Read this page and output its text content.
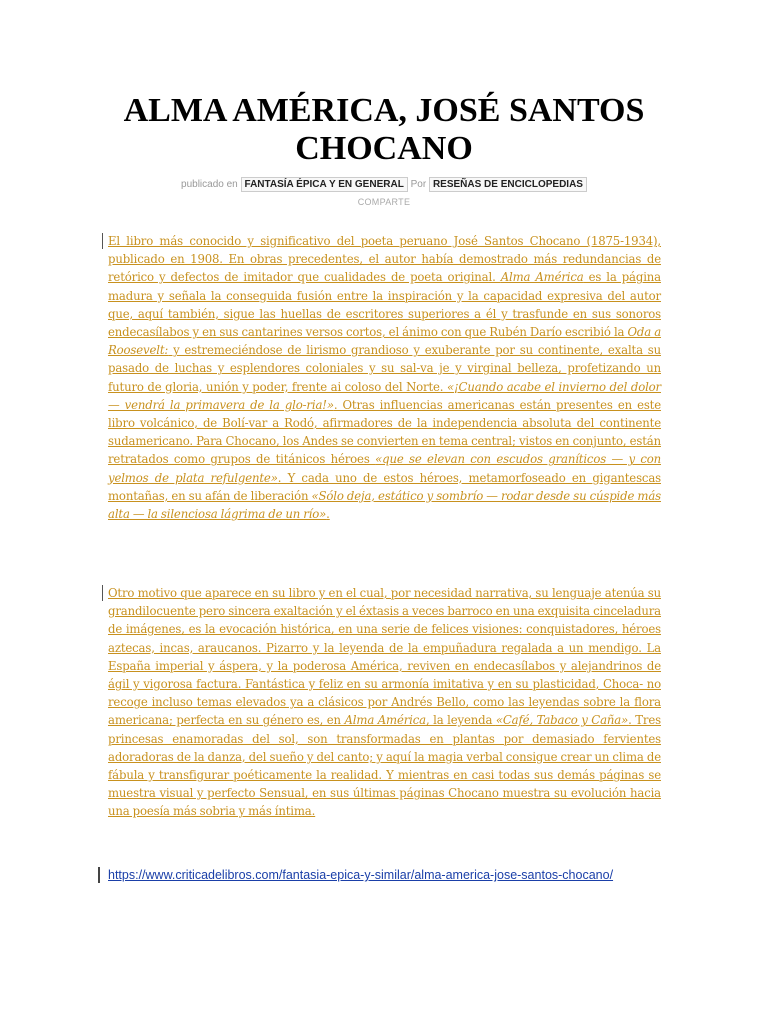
ALMA AMÉRICA, JOSÉ SANTOS CHOCANO
publicado en FANTASÍA ÉPICA Y EN GENERAL Por RESEÑAS DE ENCICLOPEDIAS
COMPARTE

El libro más conocido y significativo del poeta peruano José Santos Chocano (1875-1934), publicado en 1908. En obras precedentes, el autor había demostrado más redundancias de retórico y defectos de imitador que cualidades de poeta original. Alma América es la página madura y señala la conseguida fusión entre la inspiración y la capacidad expresiva del autor que, aquí también, sigue las huellas de escritores superiores a él y trasfunde en sus sonoros endecasílabos y en sus cantarines versos cortos, el ánimo con que Rubén Darío escribió la Oda a Roosevelt: y estremeciéndose de lirismo grandioso y exuberante por su continente, exalta su pasado de luchas y esplendores coloniales y su sal-va je y virginal belleza, profetizando un futuro de gloria, unión y poder, frente ai coloso del Norte. «¡Cuando acabe el invierno del dolor — vendrá la primavera de la glo-ria!». Otras influencias americanas están presentes en este libro volcánico, de Bolí-var a Rodó, afirmadores de la independencia absoluta del continente sudamericano. Para Chocano, los Andes se convierten en tema central; vistos en conjunto, están retratados como grupos de titánicos héroes «que se elevan con escudos graníticos — y con yelmos de plata refulgente». Y cada uno de estos héroes, metamorfoseado en gigantescas montañas, en su afán de liberación «Sólo deja, estático y sombrío — rodar desde su cúspide más alta — la silenciosa lágrima de un río».

Otro motivo que aparece en su libro y en el cual, por necesidad narrativa, su lenguaje atenúa su grandilocuente pero sincera exaltación y el éxtasis a veces barroco en una exquisita cinceladura de imágenes, es la evocación histórica, en una serie de felices visiones: conquistadores, héroes aztecas, incas, araucanos. Pizarro y la leyenda de la empuñadura regalada a un mendigo. La España imperial y áspera, y la poderosa América, reviven en endecasílabos y alejandrinos de ágil y vigorosa factura. Fantástica y feliz en su armonía imitativa y en su plasticidad, Choca- no recoge incluso temas elevados ya a clásicos por Andrés Bello, como las leyendas sobre la flora americana; perfecta en su género es, en Alma América, la leyenda «Café, Tabaco y Caña». Tres princesas enamoradas del sol, son transformadas en plantas por demasiado fervientes adoradoras de la danza, del sueño y del canto; y aquí la magia verbal consigue crear un clima de fábula y transfigurar poéticamente la realidad. Y mientras en casi todas sus demás páginas se muestra visual y perfecto Sensual, en sus últimas páginas Chocano muestra su evolución hacia una poesía más sobria y más íntima.

https://www.criticadelibros.com/fantasia-epica-y-similar/alma-america-jose-santos-chocano/
